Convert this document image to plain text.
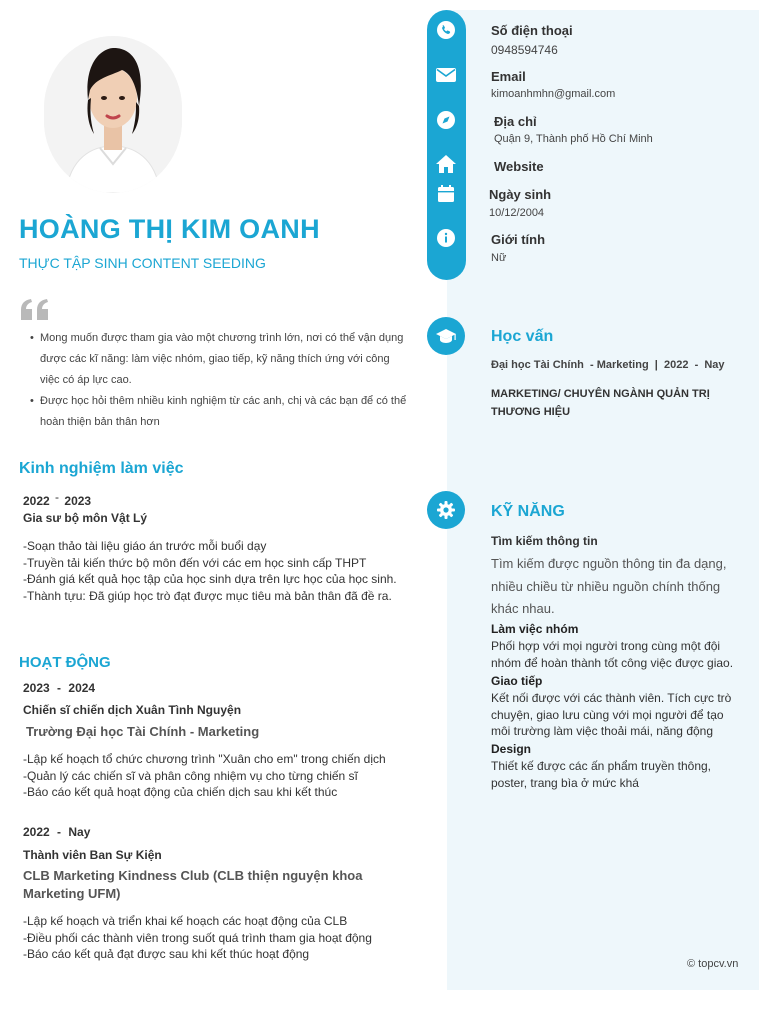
HOÀNG THỊ KIM OANH
THỰC TẬP SINH CONTENT SEEDING
• Mong muốn được tham gia vào một chương trình lớn, nơi có thể vận dụng được các kĩ năng: làm việc nhóm, giao tiếp, kỹ năng thích ứng với công việc có áp lực cao.
• Được học hỏi thêm nhiều kinh nghiệm từ các anh, chị và các bạn để có thể hoàn thiện bản thân hơn
Kinh nghiệm làm việc
2022 - 2023
Gia sư bộ môn Vật Lý
-Soạn thảo tài liệu giáo án trước mỗi buổi dạy
-Truyền tải kiến thức bộ môn đến với các em học sinh cấp THPT
-Đánh giá kết quả học tập của học sinh dựa trên lực học của học sinh.
-Thành tựu: Đã giúp học trò đạt được mục tiêu mà bản thân đã đề ra.
HOẠT ĐỘNG
2023 - 2024
Chiến sĩ chiến dịch Xuân Tình Nguyện
Trường Đại học Tài Chính - Marketing
-Lập kế hoạch tổ chức chương trình "Xuân cho em" trong chiến dịch
-Quản lý các chiến sĩ và phân công nhiệm vụ cho từng chiến sĩ
-Báo cáo kết quả hoạt động của chiến dịch sau khi kết thúc
2022 - Nay
Thành viên Ban Sự Kiện
CLB Marketing Kindness Club (CLB thiện nguyện khoa Marketing UFM)
-Lập kế hoạch và triển khai kế hoạch các hoạt động của CLB
-Điều phối các thành viên trong suốt quá trình tham gia hoạt động
-Báo cáo kết quả đạt được sau khi kết thúc hoạt động
Số điện thoại
0948594746
Email
kimoanhmhn@gmail.com
Địa chỉ
Quận 9, Thành phố Hồ Chí Minh
Website
Ngày sinh
10/12/2004
Giới tính
Nữ
Học vấn
Đại học Tài Chính  - Marketing  |  2022  -  Nay
MARKETING/ CHUYÊN NGÀNH QUẢN TRỊ THƯƠNG HIỆU
KỸ NĂNG
Tìm kiếm thông tin
Tìm kiếm được nguồn thông tin đa dạng, nhiều chiều từ nhiều nguồn chính thống khác nhau.
Làm việc nhóm
Phối hợp với mọi người trong cùng một đội nhóm để hoàn thành tốt công việc được giao.
Giao tiếp
Kết nối được với các thành viên. Tích cực trò chuyện, giao lưu cùng với mọi người để tạo môi trường làm việc thoải mái, năng động
Design
Thiết kế được các ấn phẩm truyền thông, poster, trang bìa ở mức khá
© topcv.vn
